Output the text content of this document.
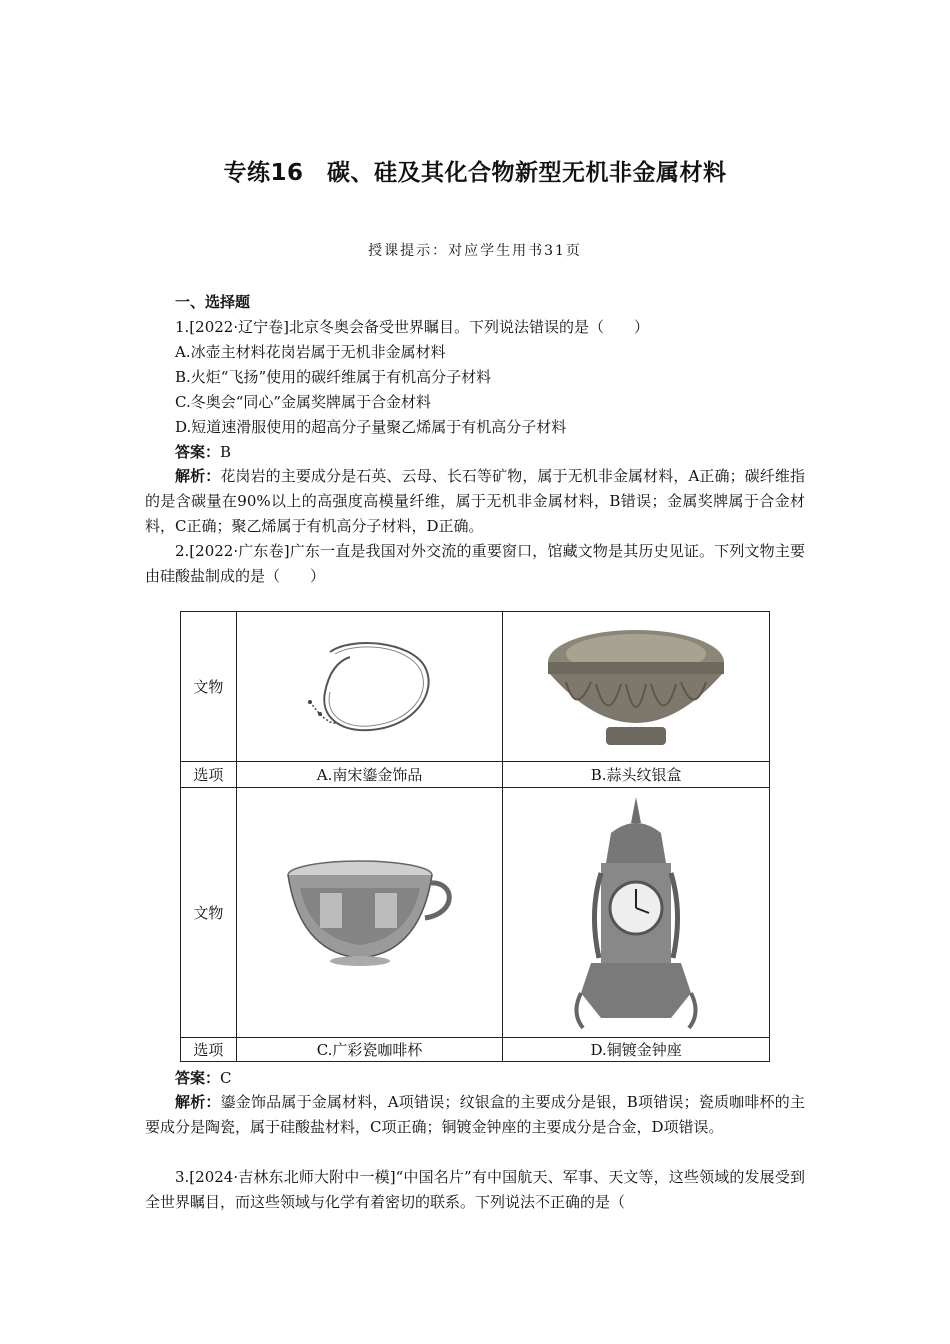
专练16　碳、硅及其化合物新型无机非金属材料
授课提示：对应学生用书31页
一、选择题
1.[2022·辽宁卷]北京冬奥会备受世界瞩目。下列说法错误的是（　　）
A.冰壶主材料花岗岩属于无机非金属材料
B.火炬“飞扬”使用的碳纤维属于有机高分子材料
C.冬奥会“同心”金属奖牌属于合金材料
D.短道速滑服使用的超高分子量聚乙烯属于有机高分子材料
答案：B
解析：花岗岩的主要成分是石英、云母、长石等矿物，属于无机非金属材料，A正确；碳纤维指的是含碳量在90%以上的高强度高模量纤维，属于无机非金属材料，B错误；金属奖牌属于合金材料，C正确；聚乙烯属于有机高分子材料，D正确。
2.[2022·广东卷]广东一直是我国对外交流的重要窗口，馆藏文物是其历史见证。下列文物主要由硅酸盐制成的是（　　）
文物	

选项	A.南宋鎏金饰品	B.蒜头纹银盒
文物	

选项	C.广彩瓷咖啡杯	D.铜镀金钟座
答案：C
解析：鎏金饰品属于金属材料，A项错误；纹银盒的主要成分是银，B项错误；瓷质咖啡杯的主要成分是陶瓷，属于硅酸盐材料，C项正确；铜镀金钟座的主要成分是合金，D项错误。
3.[2024·吉林东北师大附中一模]“中国名片”有中国航天、军事、天文等，这些领域的发展受到全世界瞩目，而这些领域与化学有着密切的联系。下列说法不正确的是（
